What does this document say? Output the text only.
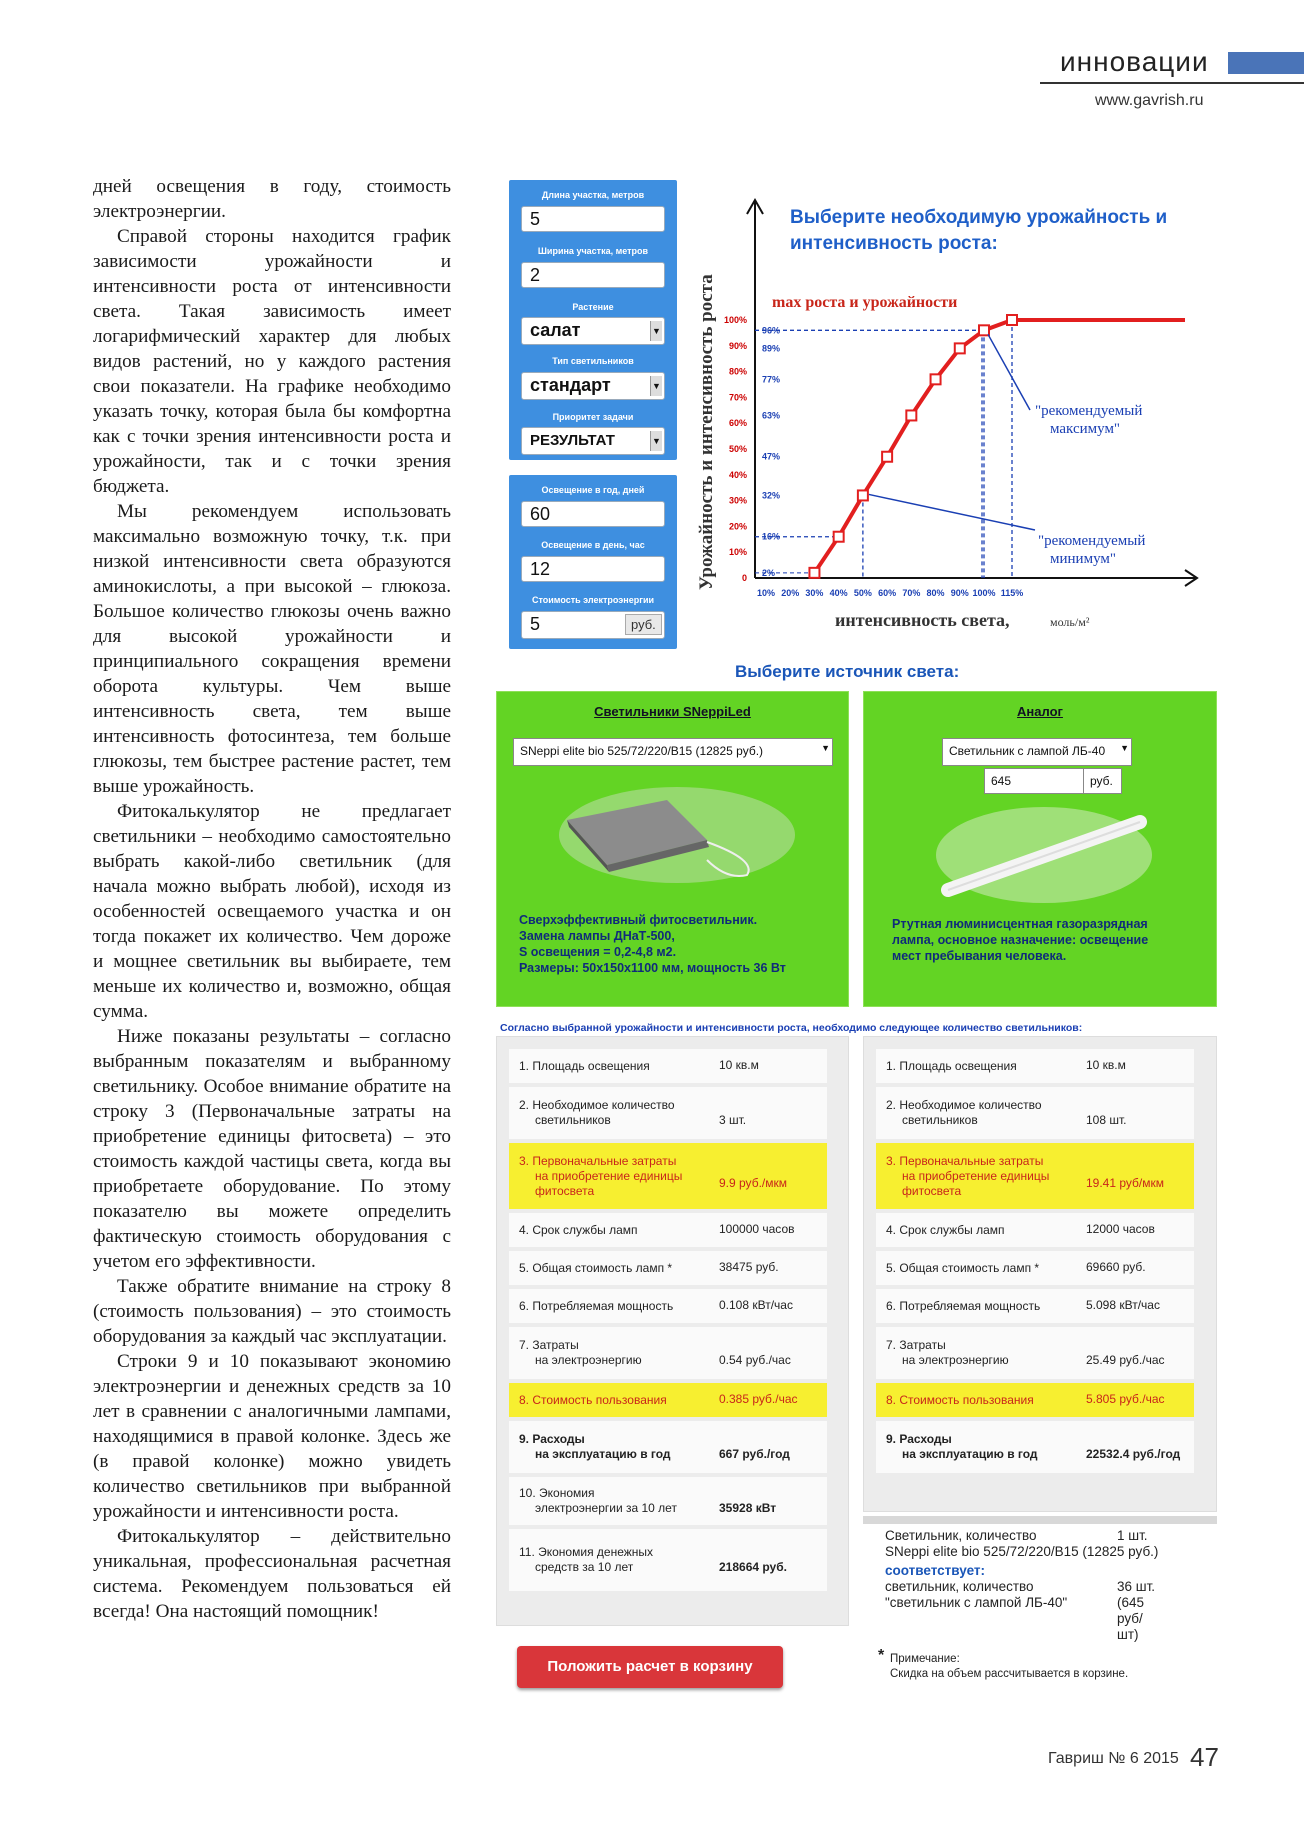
инновации
www.gavrish.ru

дней освещения в году, стоимость электроэнергии.

Справой стороны находится график зависимости урожайности и интенсивности роста от интенсивности света. Такая зависимость имеет логарифмический характер для любых видов растений, но у каждого растения свои показатели. На графике необходимо указать точку, которая была бы комфортна как с точки зрения интенсивности роста и урожайности, так и с точки зрения бюджета.

Мы рекомендуем использовать максимально возможную точку, т.к. при низкой интенсивности света образуются аминокислоты, а при высокой – глюкоза. Большое количество глюкозы очень важно для высокой урожайности и принципиального сокращения времени оборота культуры. Чем выше интенсивность света, тем выше интенсивность фотосинтеза, тем больше глюкозы, тем быстрее растение растет, тем выше урожайность.

Фитокалькулятор не предлагает светильники – необходимо самостоятельно выбрать какой-либо светильник (для начала можно выбрать любой), исходя из особенностей освещаемого участка и он тогда покажет их количество. Чем дороже и мощнее светильник вы выбираете, тем меньше их количество и, возможно, общая сумма.

Ниже показаны результаты – согласно выбранным показателям и выбранному светильнику. Особое внимание обратите на строку 3 (Первоначальные затраты на приобретение единицы фитосвета) – это стоимость каждой частицы света, когда вы приобретаете оборудование. По этому показателю вы можете определить фактическую стоимость оборудования с учетом его эффективности.

Также обратите внимание на строку 8 (стоимость пользования) – это стоимость оборудования за каждый час эксплуатации.

Строки 9 и 10 показывают экономию электроэнергии и денежных средств за 10 лет в сравнении с аналогичными лампами, находящимися в правой колонке. Здесь же (в правой колонке) можно увидеть количество светильников при выбранной урожайности и интенсивности роста.

Фитокалькулятор – действительно уникальная, профессиональная расчетная система. Рекомендуем пользоваться ей всегда! Она настоящий помощник!

Длина участка, метров
5
Ширина участка, метров
2
Растение
салат	▼
Тип светильников
стандарт	▼
Приоритет задачи
РЕЗУЛЬТАТ	▼
Освещение в год, дней
60
Освещение в день, час
12
Стоимость электроэнергии
5	руб.
Урожайность и интенсивность роста
Выберите необходимую урожайность и
интенсивность роста:
0
10%
20%
30%
40%
50%
60%
70%
80%
90%
100%
10% 20% 30% 40% 50% 60% 70% 80% 90% 100% 115%
интенсивность света,	моль/м²
2%
16%
32%
47%
63%
77%
89%
96%
max роста и урожайности
"рекомендуемый
максимум"
"рекомендуемый
минимум"
Выберите источник света:
Светильники SNeppiLed
SNeppi elite bio 525/72/220/B15 (12825 руб.)	▼
Сверхэффективный фитосветильник.
Замена лампы ДНаТ-500,
S освещения = 0,2-4,8 м2.
Размеры: 50х150х1100 мм, мощность 36 Вт
Аналог
Светильник с лампой ЛБ-40 ▼
645	руб.
Ртутная люминисцентная газоразрядная
лампа, основное назначение: освещение
мест пребывания человека.
Согласно выбранной урожайности и интенсивности роста, необходимо следующее количество светильников:
1. Площадь освещения	10 кв.м
2. Необходимое количество
светильников	3 шт.
3. Первоначальные затраты
на приобретение единицы
фитосвета
9.9 руб./мкм
4. Срок службы ламп	100000 часов
5. Общая стоимость ламп *	38475 руб.
6. Потребляемая мощность	0.108 кВт/час
7. Затраты
на электроэнергию	0.54 руб./час
8. Стоимость пользования	0.385 руб./час
9. Расходы
на эксплуатацию в год	667 руб./год
10. Экономия
электроэнергии за 10 лет	35928 кВт
11. Экономия денежных
средств за 10 лет	218664 руб.
1. Площадь освещения	10 кв.м
2. Необходимое количество
светильников	108 шт.
3. Первоначальные затраты
на приобретение единицы
фитосвета
19.41 руб/мкм
4. Срок службы ламп	12000 часов
5. Общая стоимость ламп *	69660 руб.
6. Потребляемая мощность	5.098 кВт/час
7. Затраты
на электроэнергию	25.49 руб./час
8. Стоимость пользования	5.805 руб./час
9. Расходы
на эксплуатацию в год	22532.4 руб./год
Светильник, количество	1 шт.
SNeppi elite bio 525/72/220/B15 (12825 руб.)
соответствует:
светильник, количество	36 шт.
"светильник с лампой ЛБ-40"	(645 руб/шт)
Положить расчет в корзину
* Примечание:
Скидка на объем рассчитывается в корзине.
Гавриш № 6 2015 47
